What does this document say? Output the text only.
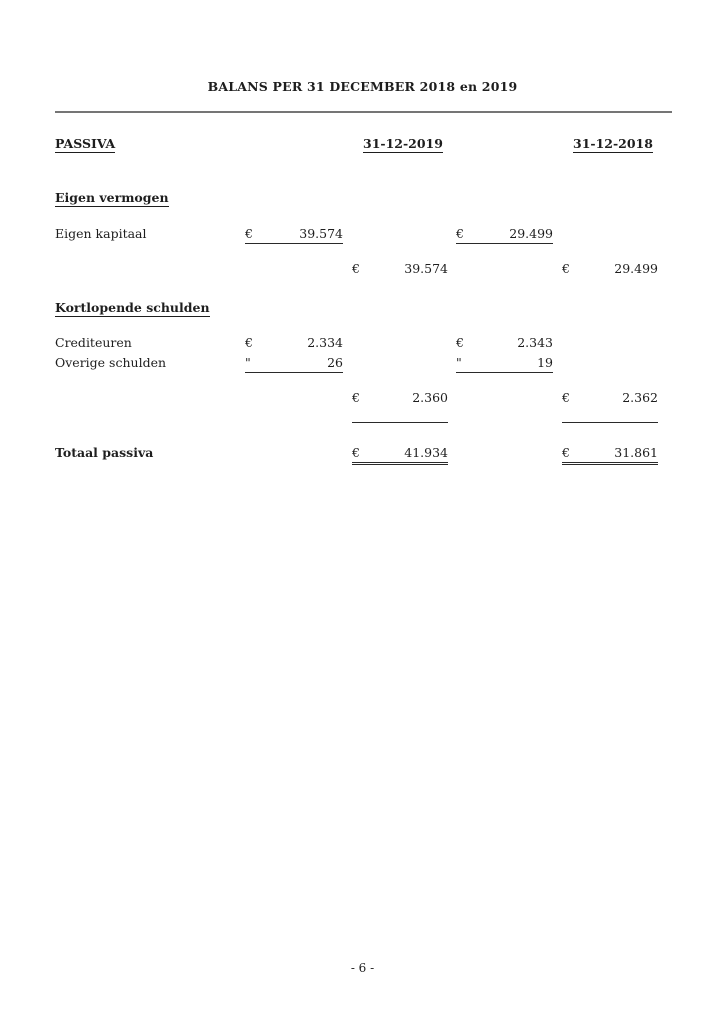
BALANS PER 31 DECEMBER 2018 en 2019
PASSIVA	31-12-2019	31-12-2018
Eigen vermogen
Eigen kapitaal	€	39.574	€	29.499
€	39.574	€	29.499
Kortlopende schulden
Crediteuren	€	2.334	€	2.343
Overige schulden	"	26	"	19
€	2.360	€	2.362
Totaal passiva	€	41.934	€	31.861
- 6 -
